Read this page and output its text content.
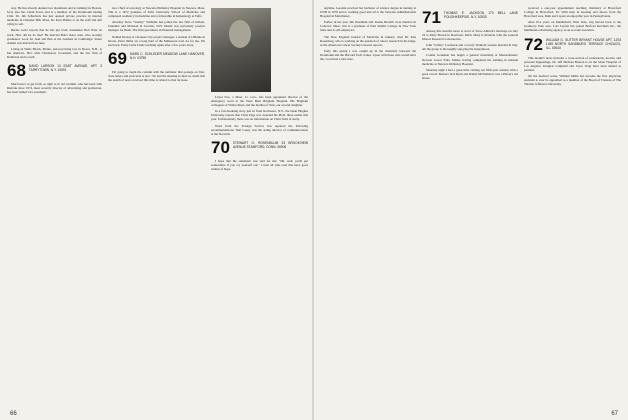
way. He has already donned two marathons and is training for Boston. Jerry also has Cabin Fever, and is a member of the Dartmouth Outing Club. Dr. Jim Schurback has just opened private practice in internal medicine in Chestnut Hill, Mass. Dr. Kurt Hafner is on the staff and still trying to sail.

Bernie Geist reports that he has put trade classmates Bob Wise on track. How did he do that? He married Bob's sister Jean, who recently graduated. Look for Jean and Bob at the Goldens in Cambridge. Stuart Adams was married last June.

Living in Wells Beach, Maine, and practicing law in Dover, N.H., is Ian Andrews. He's with Charleston, Crossman, and the law firm of Robinson and Lowell.

68 DAVID LARSON 13 EAST AVENUE, APT. 3 TARRYTOWN, N.Y. 10591

Much news to get forth, so tight to it! Art Gramm, who has been with Rentrak since 1974, most recently director of advertising and promotion, has been named vice president.

now chief of oncology at Newton-Wellesley Hospital in Newton, Mass. Tim is a 1972 graduate of Tufts University School of Medicine and completed residency in medicine and a fellowship in hematology at Tufts.

Attorney Steve "Stormy" Williams has joined the law firm of Gilbert, Chandler and McKean in Laconia, N.H. Mount was previously product manager for Bush. The firm specializes in financial management.

Nathan Dorsey is a Kansas City project manager, a student at UMaine in Orono, Dave Diller on a long haul of the Minnesota trail. As for me, I'm just back. Pretty Little Linde teaching again after a few years away.

69 MARK C. SCHLEDER MEADOW LANE HANOVER, N.H. 03755

I'm going to begin the column with the reminder that postage on first-class letters and postcards is now 15¢ and the meeting in June no doubt that the dearth of news received this time is related to that increase.

Lloyd Fox, a Mass. Lt. Gov., has been appointed director of the emergency ward at the Peter Bent Brigham Hospital. His Brigham colleagues at Walter Reed, and the mother of Tom, our second daughter.

In a fast-breaking story just in from Rochester, N.Y., the Dean Hughes University reports that Chris Page was awarded his Ph.D. there earlier this year. Unfortunately, there was no information on Chris' field of study.

Word from the Foreign Service has reported the following recommendations: Neil Casey, was the acting director of communications at the Norwich.

70 STEWART G. ROSENBLUM 33 BROOKVIEW AVENUE STAMFORD, CONN. 06906

I hope that the statement was said for me: "Oh, well, you'll get somewhere if you cry yourself out." I trust all who read this have good wishes of hope.

66

anytime. LeeAnn received her bachelor of science degree in nursing at UNH in 1978 and is working good and all at the Veterans Administration Hospital in Manchester.

Earlier in the year Jim Needham and Jeanne Bertelli were married in Concord, Mass. Jim is a graduate of Paul Smiths College in New York State and is self-employed.

The New England Journal of Medicine in January cited Dr. Ken Rosenberg, who is working on the question of cancer research in the lungs, as the American Cancer Society's newest reports.

Early this spring I was caught up in the chemistry between the Dartmouth and the Harvard Tech cranes. Upset with those who would have me, I received a nice note.

71 THOMAS E. JACKSON 170 BELL LANE POUGHKEEPSIE, N.Y. 10533

Among this month's news is word of Steve Ahlrich's marriage on July 22 to Mary Brown in Dearborn, Mich. Mary is librarian with the General Motors Research Laboratories.

John "Cubby" Loosbeck and a lovely Vermont woman married in July. All the group is thoroughly enjoying the honeymoon.

Connie Gousman has begun a general internship at Massachusetts' Newton Lower Falls, Maine, having completed his training in internal medicine at Newton-Wellesley Hospital.

Saturday night I had a great time visiting our fifth-year reunion with a great crowd. Barkers Jack Ryan and Daniel McNamara's was a Heron's old house.

received a one-year appointment teaching chemistry at Haverford College in Haverford, Pa. With help in housing and shows from the Haverford area, Ruth and I spent an enjoyable year in Pennsylvania.

After five years on Manhattan's West Side, Gig moved back to the Gramercy Park area. Carl Layton has joined Botford Ketchum Inc., the Manhattan advertising agency, as an account executive.

72 WILLIAM G. SUTTER BRYANT HOUSE APT. 1203 1455 NORTH SANDBURG TERRACE CHICAGO, ILL. 60610

This month's news includes a cross-section of professions, locales, and personal happenings. Dr. Jeff Michael Bouton is on the Sister Hospital of Los Angeles. Douglas Campbell and Joyce Voigt have been named as partners.

On the medical scene, William Mahn has become the first physician assistant to ever be appointed as a member of the Board of Trustees of The Thomas Jefferson University.

67
